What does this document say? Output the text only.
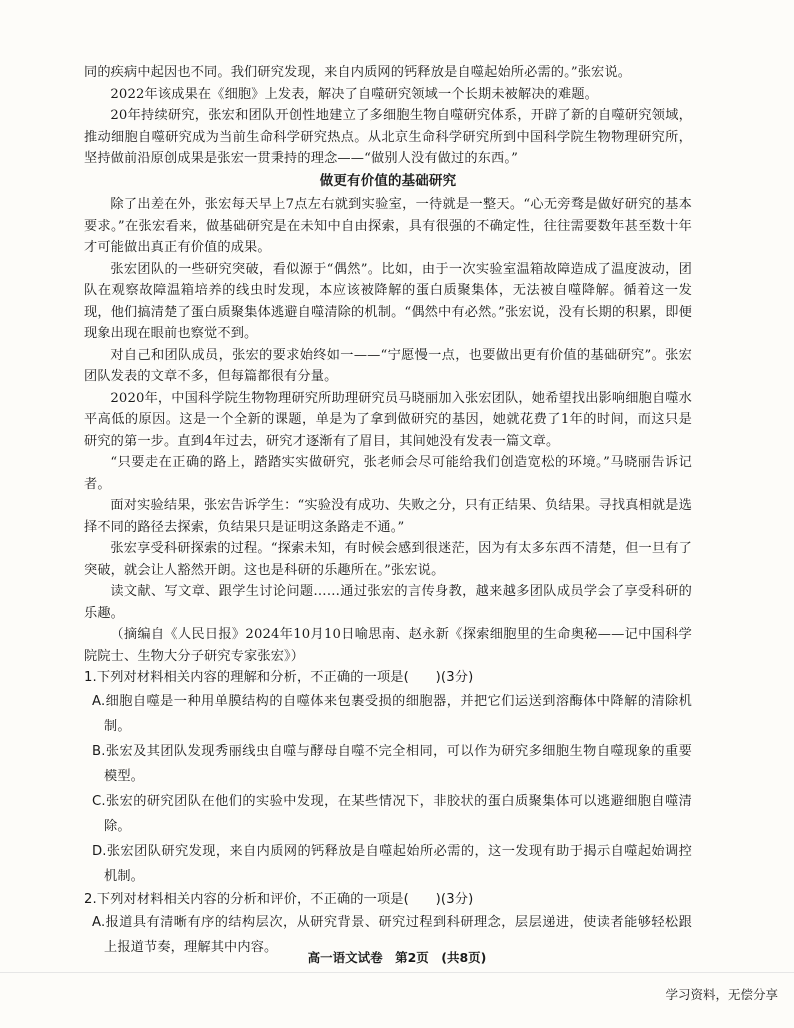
同的疾病中起因也不同。我们研究发现，来自内质网的钙释放是自噬起始所必需的。”张宏说。

2022年该成果在《细胞》上发表，解决了自噬研究领域一个长期未被解决的难题。

20年持续研究，张宏和团队开创性地建立了多细胞生物自噬研究体系，开辟了新的自噬研究领域，推动细胞自噬研究成为当前生命科学研究热点。从北京生命科学研究所到中国科学院生物物理研究所，坚持做前沿原创成果是张宏一贯秉持的理念——“做别人没有做过的东西。”

做更有价值的基础研究

除了出差在外，张宏每天早上7点左右就到实验室，一待就是一整天。“心无旁骛是做好研究的基本要求。”在张宏看来，做基础研究是在未知中自由探索，具有很强的不确定性，往往需要数年甚至数十年才可能做出真正有价值的成果。

张宏团队的一些研究突破，看似源于“偶然”。比如，由于一次实验室温箱故障造成了温度波动，团队在观察故障温箱培养的线虫时发现，本应该被降解的蛋白质聚集体，无法被自噬降解。循着这一发现，他们搞清楚了蛋白质聚集体逃避自噬清除的机制。“偶然中有必然。”张宏说，没有长期的积累，即便现象出现在眼前也察觉不到。

对自己和团队成员，张宏的要求始终如一——“宁愿慢一点，也要做出更有价值的基础研究”。张宏团队发表的文章不多，但每篇都很有分量。

2020年，中国科学院生物物理研究所助理研究员马晓丽加入张宏团队，她希望找出影响细胞自噬水平高低的原因。这是一个全新的课题，单是为了拿到做研究的基因，她就花费了1年的时间，而这只是研究的第一步。直到4年过去，研究才逐渐有了眉目，其间她没有发表一篇文章。

“只要走在正确的路上，踏踏实实做研究，张老师会尽可能给我们创造宽松的环境。”马晓丽告诉记者。

面对实验结果，张宏告诉学生：“实验没有成功、失败之分，只有正结果、负结果。寻找真相就是选择不同的路径去探索，负结果只是证明这条路走不通。”

张宏享受科研探索的过程。“探索未知，有时候会感到很迷茫，因为有太多东西不清楚，但一旦有了突破，就会让人豁然开朗。这也是科研的乐趣所在。”张宏说。

读文献、写文章、跟学生讨论问题……通过张宏的言传身教，越来越多团队成员学会了享受科研的乐趣。

（摘编自《人民日报》2024年10月10日喻思南、赵永新《探索细胞里的生命奥秘——记中国科学院院士、生物大分子研究专家张宏》）

1.下列对材料相关内容的理解和分析，不正确的一项是(　　)(3分)

A.细胞自噬是一种用单膜结构的自噬体来包裹受损的细胞器，并把它们运送到溶酶体中降解的清除机制。

B.张宏及其团队发现秀丽线虫自噬与酵母自噬不完全相同，可以作为研究多细胞生物自噬现象的重要模型。

C.张宏的研究团队在他们的实验中发现，在某些情况下，非胶状的蛋白质聚集体可以逃避细胞自噬清除。

D.张宏团队研究发现，来自内质网的钙释放是自噬起始所必需的，这一发现有助于揭示自噬起始调控机制。

2.下列对材料相关内容的分析和评价，不正确的一项是(　　)(3分)

A.报道具有清晰有序的结构层次，从研究背景、研究过程到科研理念，层层递进，使读者能够轻松跟上报道节奏，理解其中内容。

高一语文试卷　第2页　(共8页)
学习资料，无偿分享
